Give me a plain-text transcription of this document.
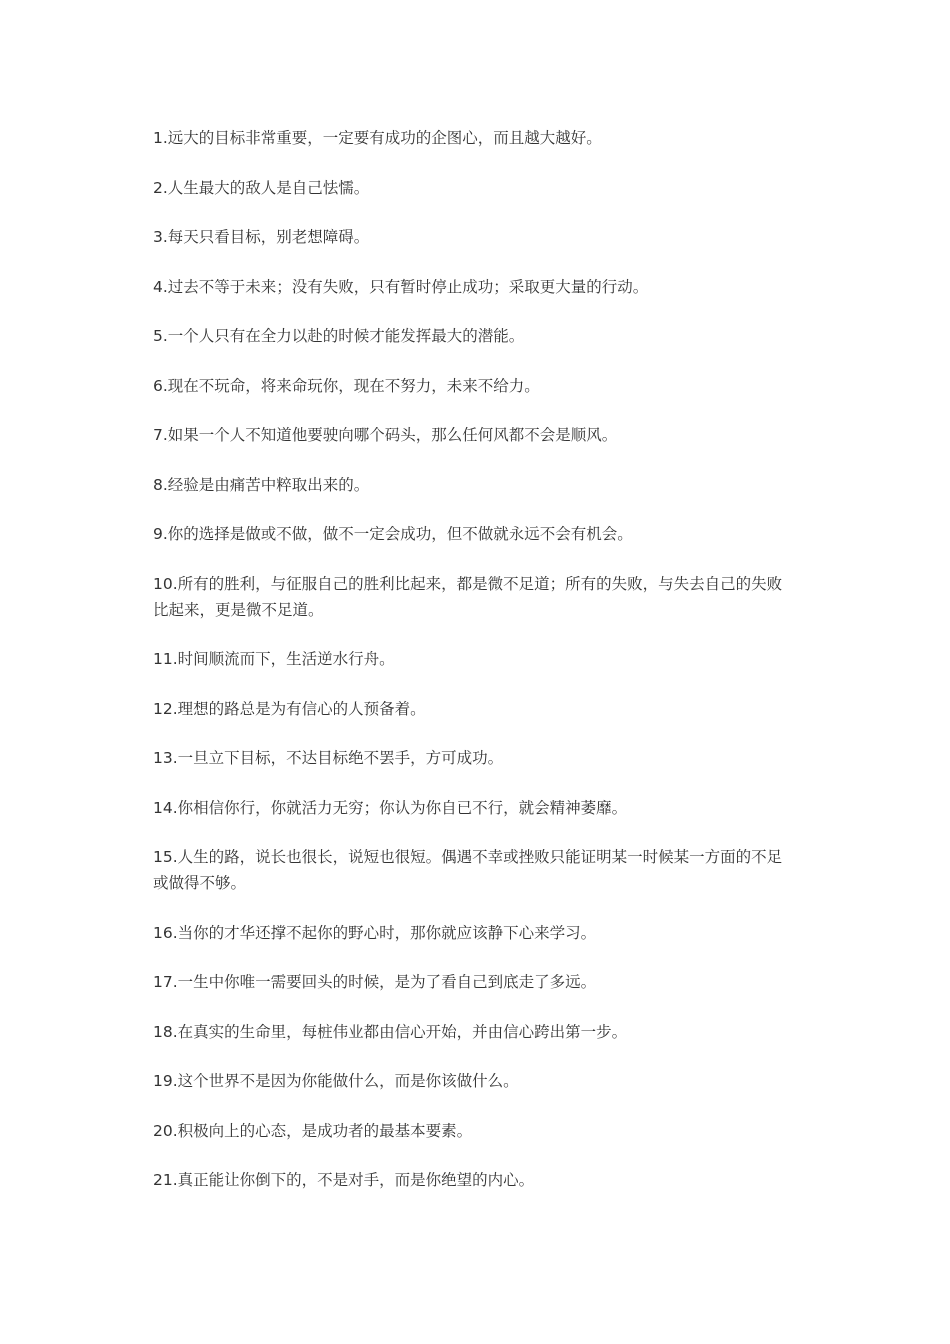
1.远大的目标非常重要，一定要有成功的企图心，而且越大越好。
2.人生最大的敌人是自己怯懦。
3.每天只看目标，别老想障碍。
4.过去不等于未来；没有失败，只有暂时停止成功；采取更大量的行动。
5.一个人只有在全力以赴的时候才能发挥最大的潜能。
6.现在不玩命，将来命玩你，现在不努力，未来不给力。
7.如果一个人不知道他要驶向哪个码头，那么任何风都不会是顺风。
8.经验是由痛苦中粹取出来的。
9.你的选择是做或不做，做不一定会成功，但不做就永远不会有机会。
10.所有的胜利，与征服自己的胜利比起来，都是微不足道；所有的失败，与失去自己的失败比起来，更是微不足道。
11.时间顺流而下，生活逆水行舟。
12.理想的路总是为有信心的人预备着。
13.一旦立下目标，不达目标绝不罢手，方可成功。
14.你相信你行，你就活力无穷；你认为你自已不行，就会精神萎靡。
15.人生的路，说长也很长，说短也很短。偶遇不幸或挫败只能证明某一时候某一方面的不足或做得不够。
16.当你的才华还撑不起你的野心时，那你就应该静下心来学习。
17.一生中你唯一需要回头的时候，是为了看自己到底走了多远。
18.在真实的生命里，每桩伟业都由信心开始，并由信心跨出第一步。
19.这个世界不是因为你能做什么，而是你该做什么。
20.积极向上的心态，是成功者的最基本要素。
21.真正能让你倒下的，不是对手，而是你绝望的内心。
